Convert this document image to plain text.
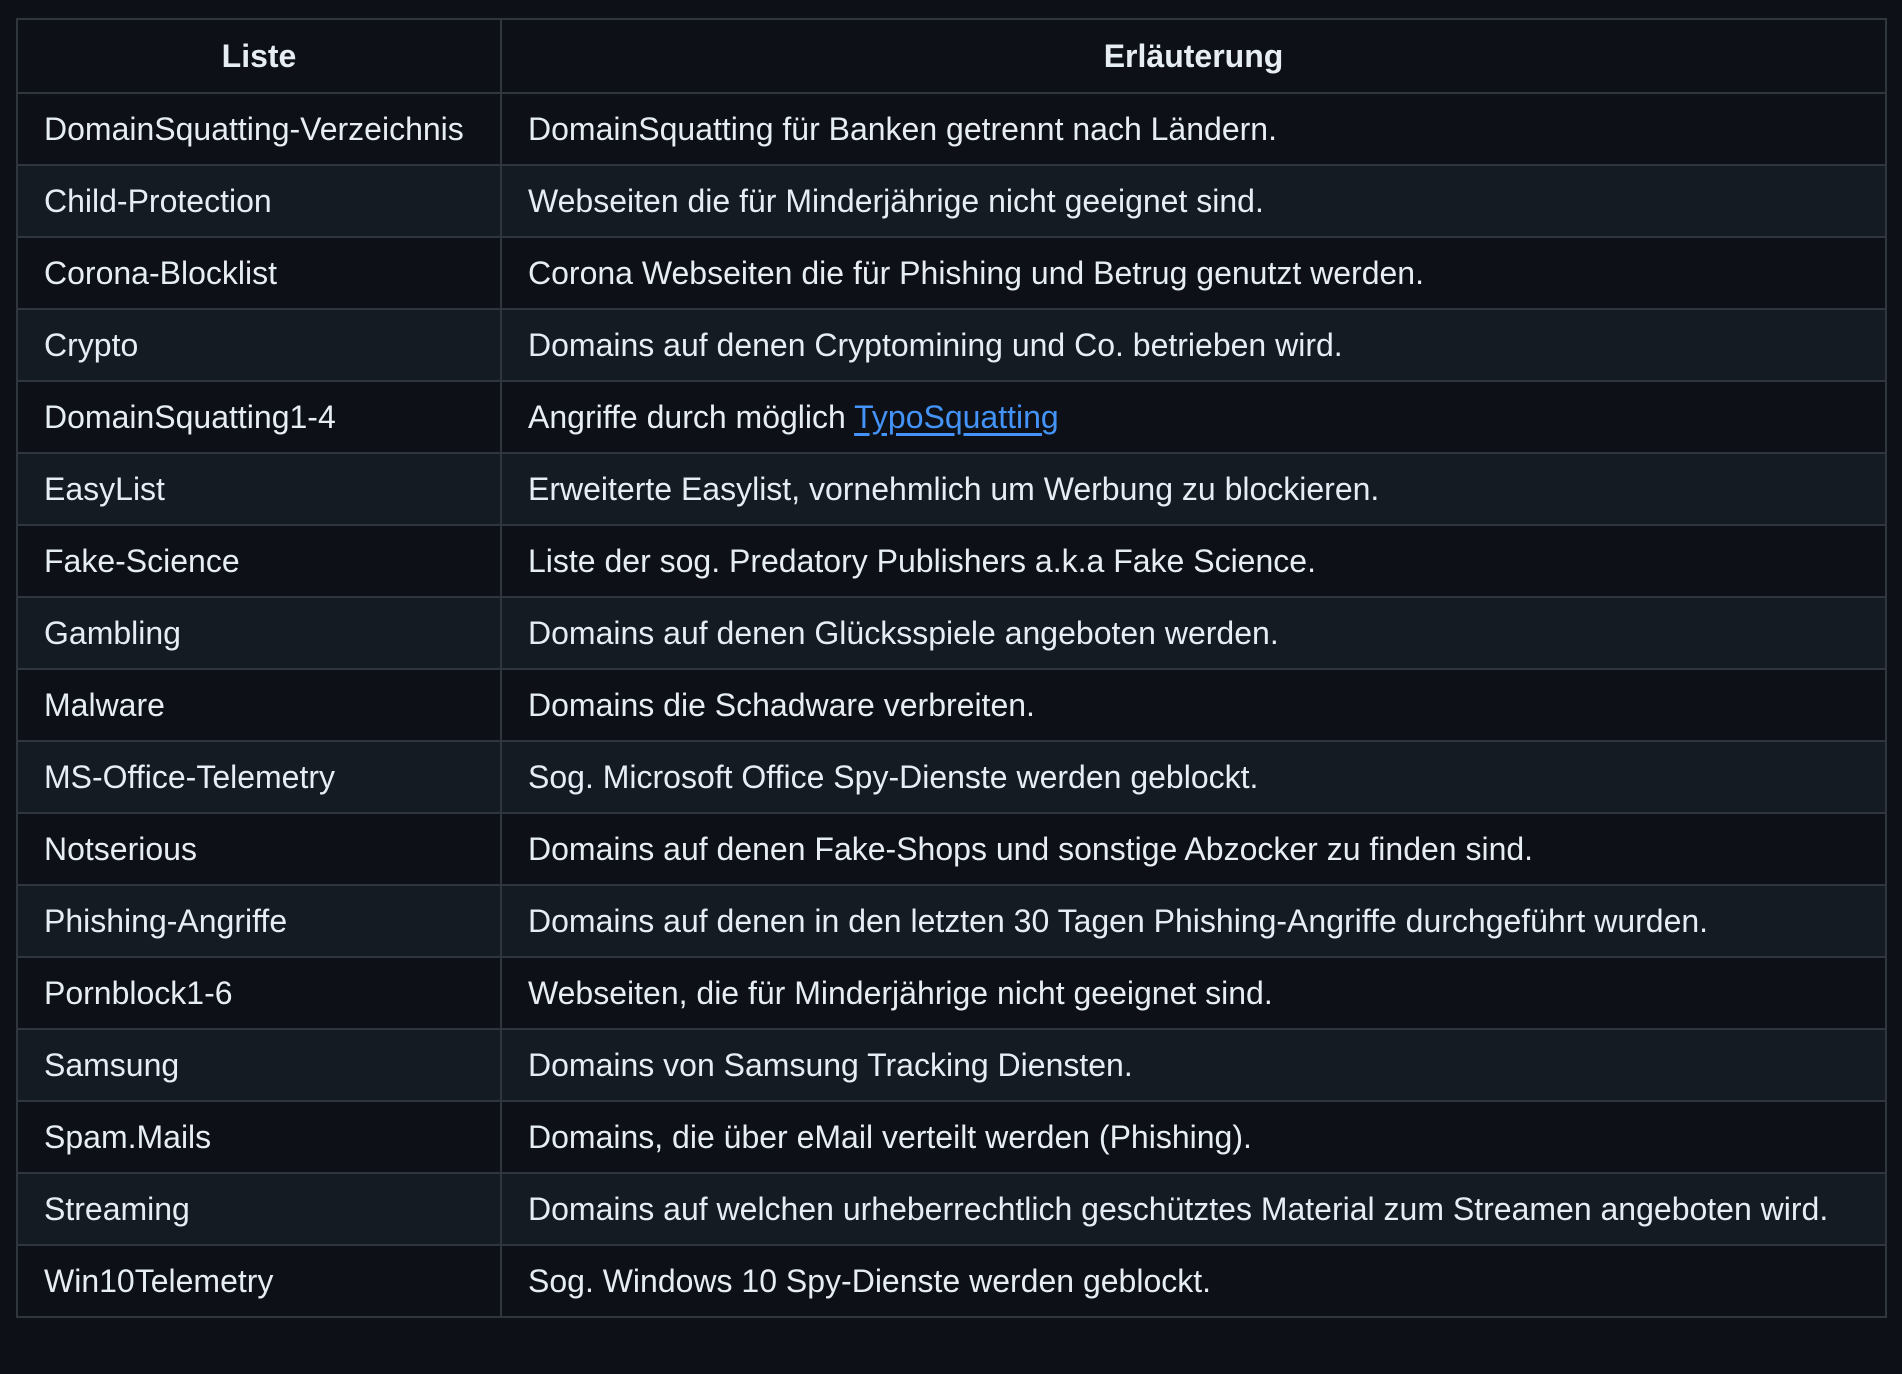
Liste	Erläuterung
DomainSquatting-Verzeichnis	DomainSquatting für Banken getrennt nach Ländern.
Child-Protection	Webseiten die für Minderjährige nicht geeignet sind.
Corona-Blocklist	Corona Webseiten die für Phishing und Betrug genutzt werden.
Crypto	Domains auf denen Cryptomining und Co. betrieben wird.
DomainSquatting1-4	Angriffe durch möglich TypoSquatting
EasyList	Erweiterte Easylist, vornehmlich um Werbung zu blockieren.
Fake-Science	Liste der sog. Predatory Publishers a.k.a Fake Science.
Gambling	Domains auf denen Glücksspiele angeboten werden.
Malware	Domains die Schadware verbreiten.
MS-Office-Telemetry	Sog. Microsoft Office Spy-Dienste werden geblockt.
Notserious	Domains auf denen Fake-Shops und sonstige Abzocker zu finden sind.
Phishing-Angriffe	Domains auf denen in den letzten 30 Tagen Phishing-Angriffe durchgeführt wurden.
Pornblock1-6	Webseiten, die für Minderjährige nicht geeignet sind.
Samsung	Domains von Samsung Tracking Diensten.
Spam.Mails	Domains, die über eMail verteilt werden (Phishing).
Streaming	Domains auf welchen urheberrechtlich geschütztes Material zum Streamen angeboten wird.
Win10Telemetry	Sog. Windows 10 Spy-Dienste werden geblockt.
